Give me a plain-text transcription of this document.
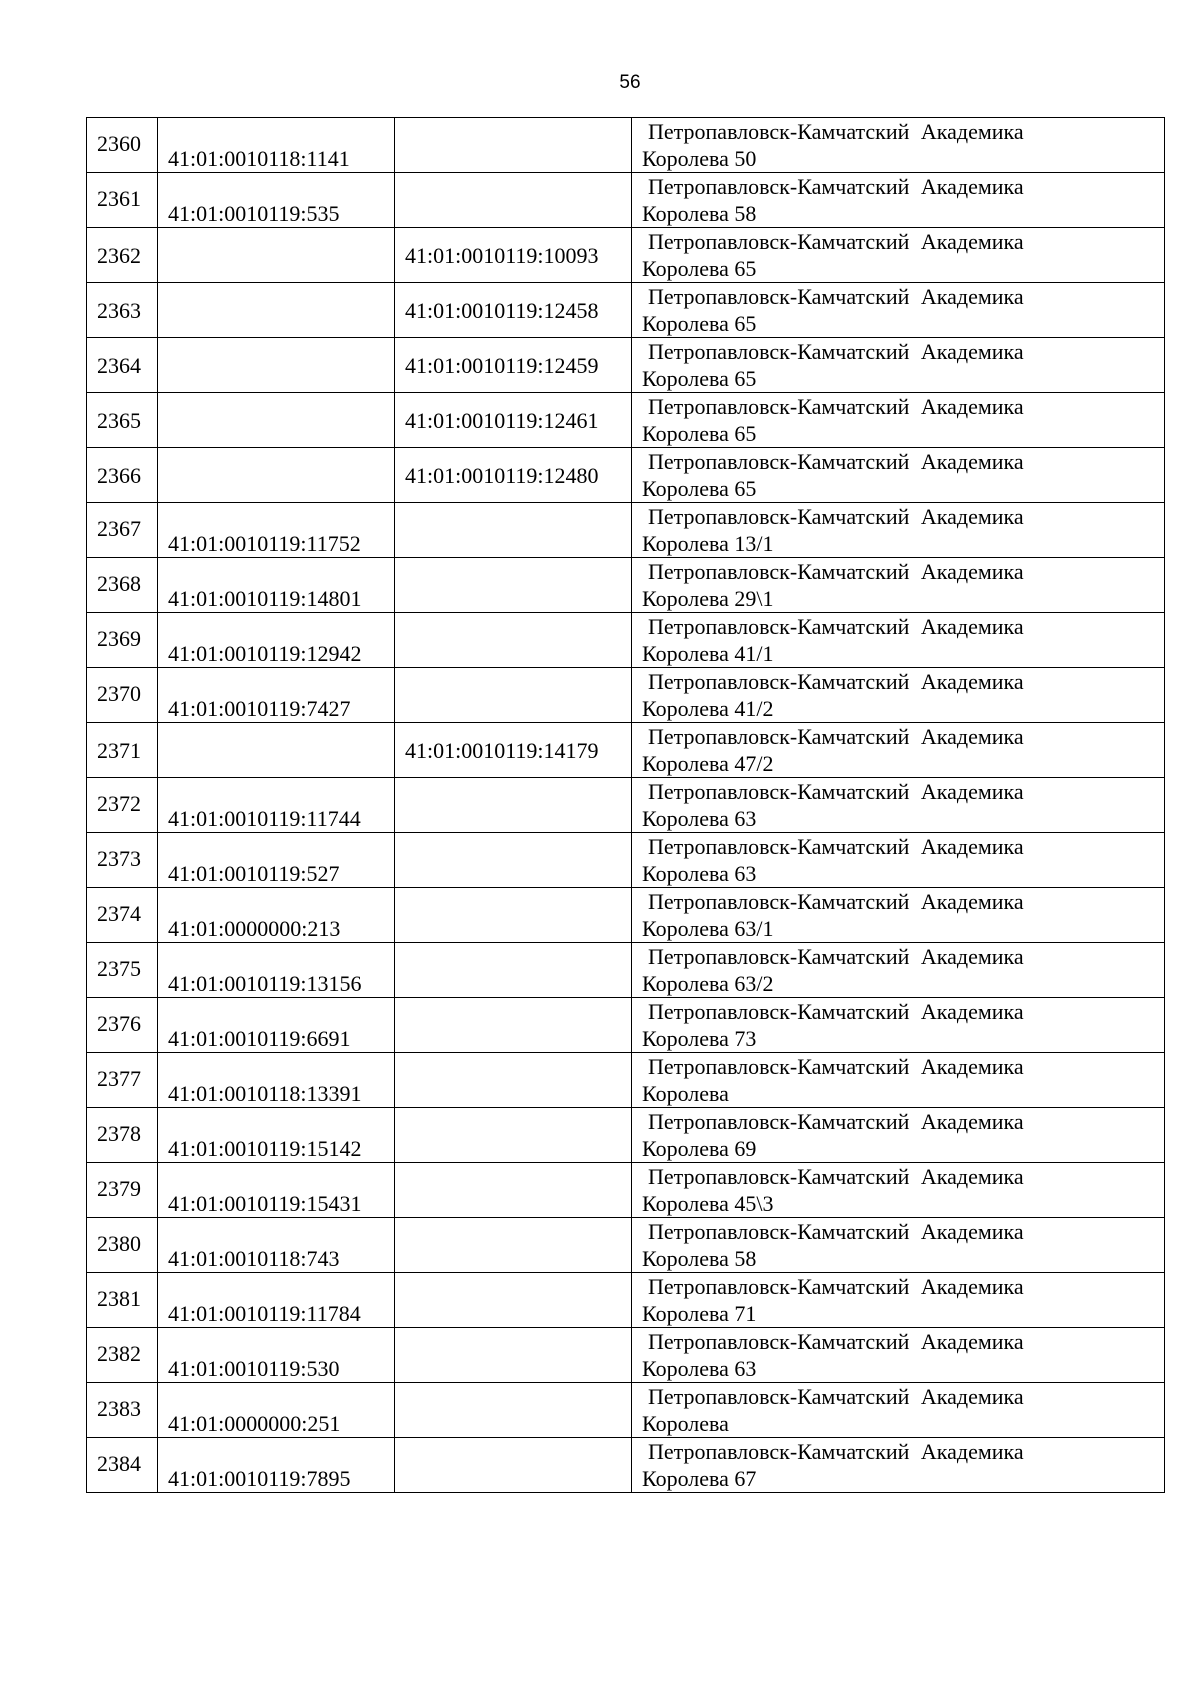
56
2360	41:01:0010118:1141		Петропавловск-Камчатский Академика
Королева 50

2361	41:01:0010119:535		Петропавловск-Камчатский Академика
Королева 58

2362		41:01:0010119:10093	Петропавловск-Камчатский Академика
Королева 65

2363		41:01:0010119:12458	Петропавловск-Камчатский Академика
Королева 65

2364		41:01:0010119:12459	Петропавловск-Камчатский Академика
Королева 65

2365		41:01:0010119:12461	Петропавловск-Камчатский Академика
Королева 65

2366		41:01:0010119:12480	Петропавловск-Камчатский Академика
Королева 65

2367	41:01:0010119:11752		Петропавловск-Камчатский Академика
Королева 13/1

2368	41:01:0010119:14801		Петропавловск-Камчатский Академика
Королева 29\1

2369	41:01:0010119:12942		Петропавловск-Камчатский Академика
Королева 41/1

2370	41:01:0010119:7427		Петропавловск-Камчатский Академика
Королева 41/2

2371		41:01:0010119:14179	Петропавловск-Камчатский Академика
Королева 47/2

2372	41:01:0010119:11744		Петропавловск-Камчатский Академика
Королева 63

2373	41:01:0010119:527		Петропавловск-Камчатский Академика
Королева 63

2374	41:01:0000000:213		Петропавловск-Камчатский Академика
Королева 63/1

2375	41:01:0010119:13156		Петропавловск-Камчатский Академика
Королева 63/2

2376	41:01:0010119:6691		Петропавловск-Камчатский Академика
Королева 73

2377	41:01:0010118:13391		Петропавловск-Камчатский Академика
Королева

2378	41:01:0010119:15142		Петропавловск-Камчатский Академика
Королева 69

2379	41:01:0010119:15431		Петропавловск-Камчатский Академика
Королева 45\3

2380	41:01:0010118:743		Петропавловск-Камчатский Академика
Королева 58

2381	41:01:0010119:11784		Петропавловск-Камчатский Академика
Королева 71

2382	41:01:0010119:530		Петропавловск-Камчатский Академика
Королева 63

2383	41:01:0000000:251		Петропавловск-Камчатский Академика
Королева

2384	41:01:0010119:7895		Петропавловск-Камчатский Академика
Королева 67
